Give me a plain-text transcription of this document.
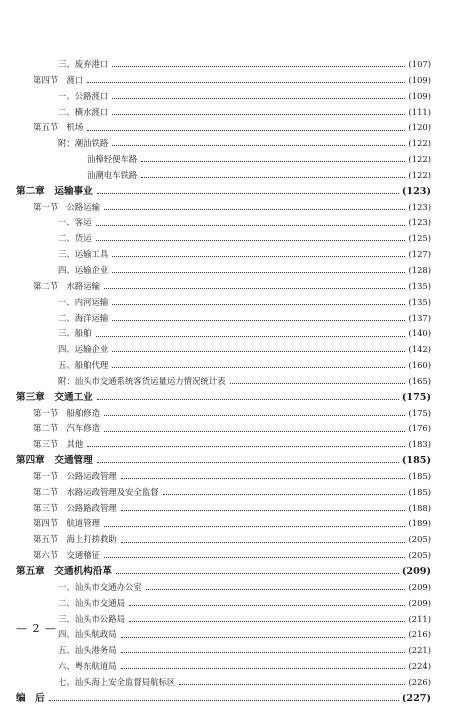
三、废弃港口	(107)
第四节　渡口	(109)
一、公路渡口	(109)
二、横水渡口	(111)
第五节　机场	(120)
附：潮汕铁路	(122)
汕樟轻便车路	(122)
汕潮电车铁路	(122)
第二章　运输事业	(123)
第一节　公路运输	(123)
一、客运	(123)
二、货运	(125)
三、运输工具	(127)
四、运输企业	(128)
第二节　水路运输	(135)
一、内河运输	(135)
二、海洋运输	(137)
三、船舶	(140)
四、运输企业	(142)
五、船舶代理	(160)
附：汕头市交通系统客货运量运力情况统计表	(165)
第三章　交通工业	(175)
第一节　船舶修造	(175)
第二节　汽车修造	(176)
第三节　其他	(183)
第四章　交通管理	(185)
第一节　公路运政管理	(185)
第二节　水路运政管理及安全监督	(185)
第三节　公路路政管理	(188)
第四节　航道管理	(189)
第五节　海上打捞救助	(205)
第六节　交通稽征	(205)
第五章　交通机构沿革	(209)
一、汕头市交通办公室	(209)
二、汕头市交通局	(209)
三、汕头市公路局	(211)
四、汕头航政局	(216)
五、汕头港务局	(221)
六、粤东航道局	(224)
七、汕头海上安全监督局航标区	(226)
编　后	(227)
— 2 —
